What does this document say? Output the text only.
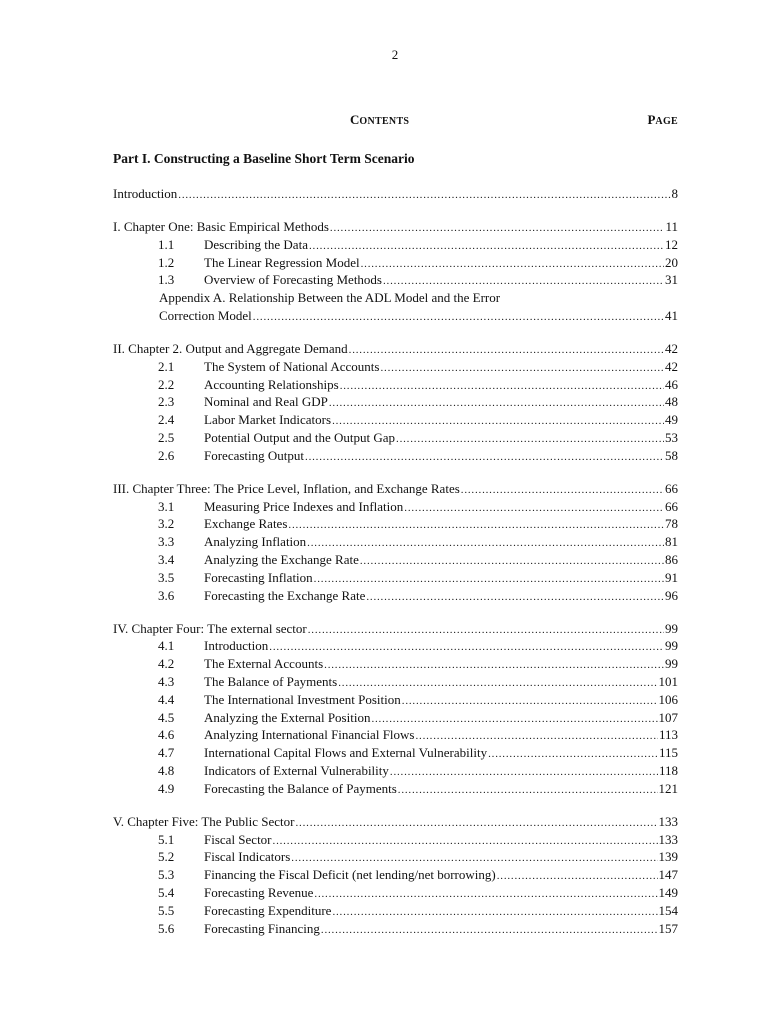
2
CONTENTS	PAGE
Part I. Constructing a Baseline Short Term Scenario
Introduction .....	8
I. Chapter One: Basic Empirical Methods .....	11
1.1 Describing the Data .....	12
1.2 The Linear Regression Model .....	20
1.3 Overview of Forecasting Methods .....	31
Appendix A. Relationship Between the ADL Model and the Error
Correction Model .....	41
II. Chapter 2. Output and Aggregate Demand .....	42
2.1 The System of National Accounts .....	42
2.2 Accounting Relationships .....	46
2.3 Nominal and Real GDP .....	48
2.4 Labor Market Indicators .....	49
2.5 Potential Output and the Output Gap .....	53
2.6 Forecasting Output .....	58
III. Chapter Three: The Price Level, Inflation, and Exchange Rates .....	66
3.1 Measuring Price Indexes and Inflation .....	66
3.2 Exchange Rates .....	78
3.3 Analyzing Inflation .....	81
3.4 Analyzing the Exchange Rate .....	86
3.5 Forecasting Inflation .....	91
3.6 Forecasting the Exchange Rate .....	96
IV. Chapter Four: The external sector .....	99
4.1 Introduction .....	99
4.2 The External Accounts .....	99
4.3 The Balance of Payments .....	101
4.4 The International Investment Position .....	106
4.5 Analyzing the External Position .....	107
4.6 Analyzing International Financial Flows .....	113
4.7 International Capital Flows and External Vulnerability .....	115
4.8 Indicators of External Vulnerability .....	118
4.9 Forecasting the Balance of Payments .....	121
V. Chapter Five: The Public Sector .....	133
5.1 Fiscal Sector .....	133
5.2 Fiscal Indicators .....	139
5.3 Financing the Fiscal Deficit (net lending/net borrowing) .....	147
5.4 Forecasting Revenue .....	149
5.5 Forecasting Expenditure .....	154
5.6 Forecasting Financing .....	157
